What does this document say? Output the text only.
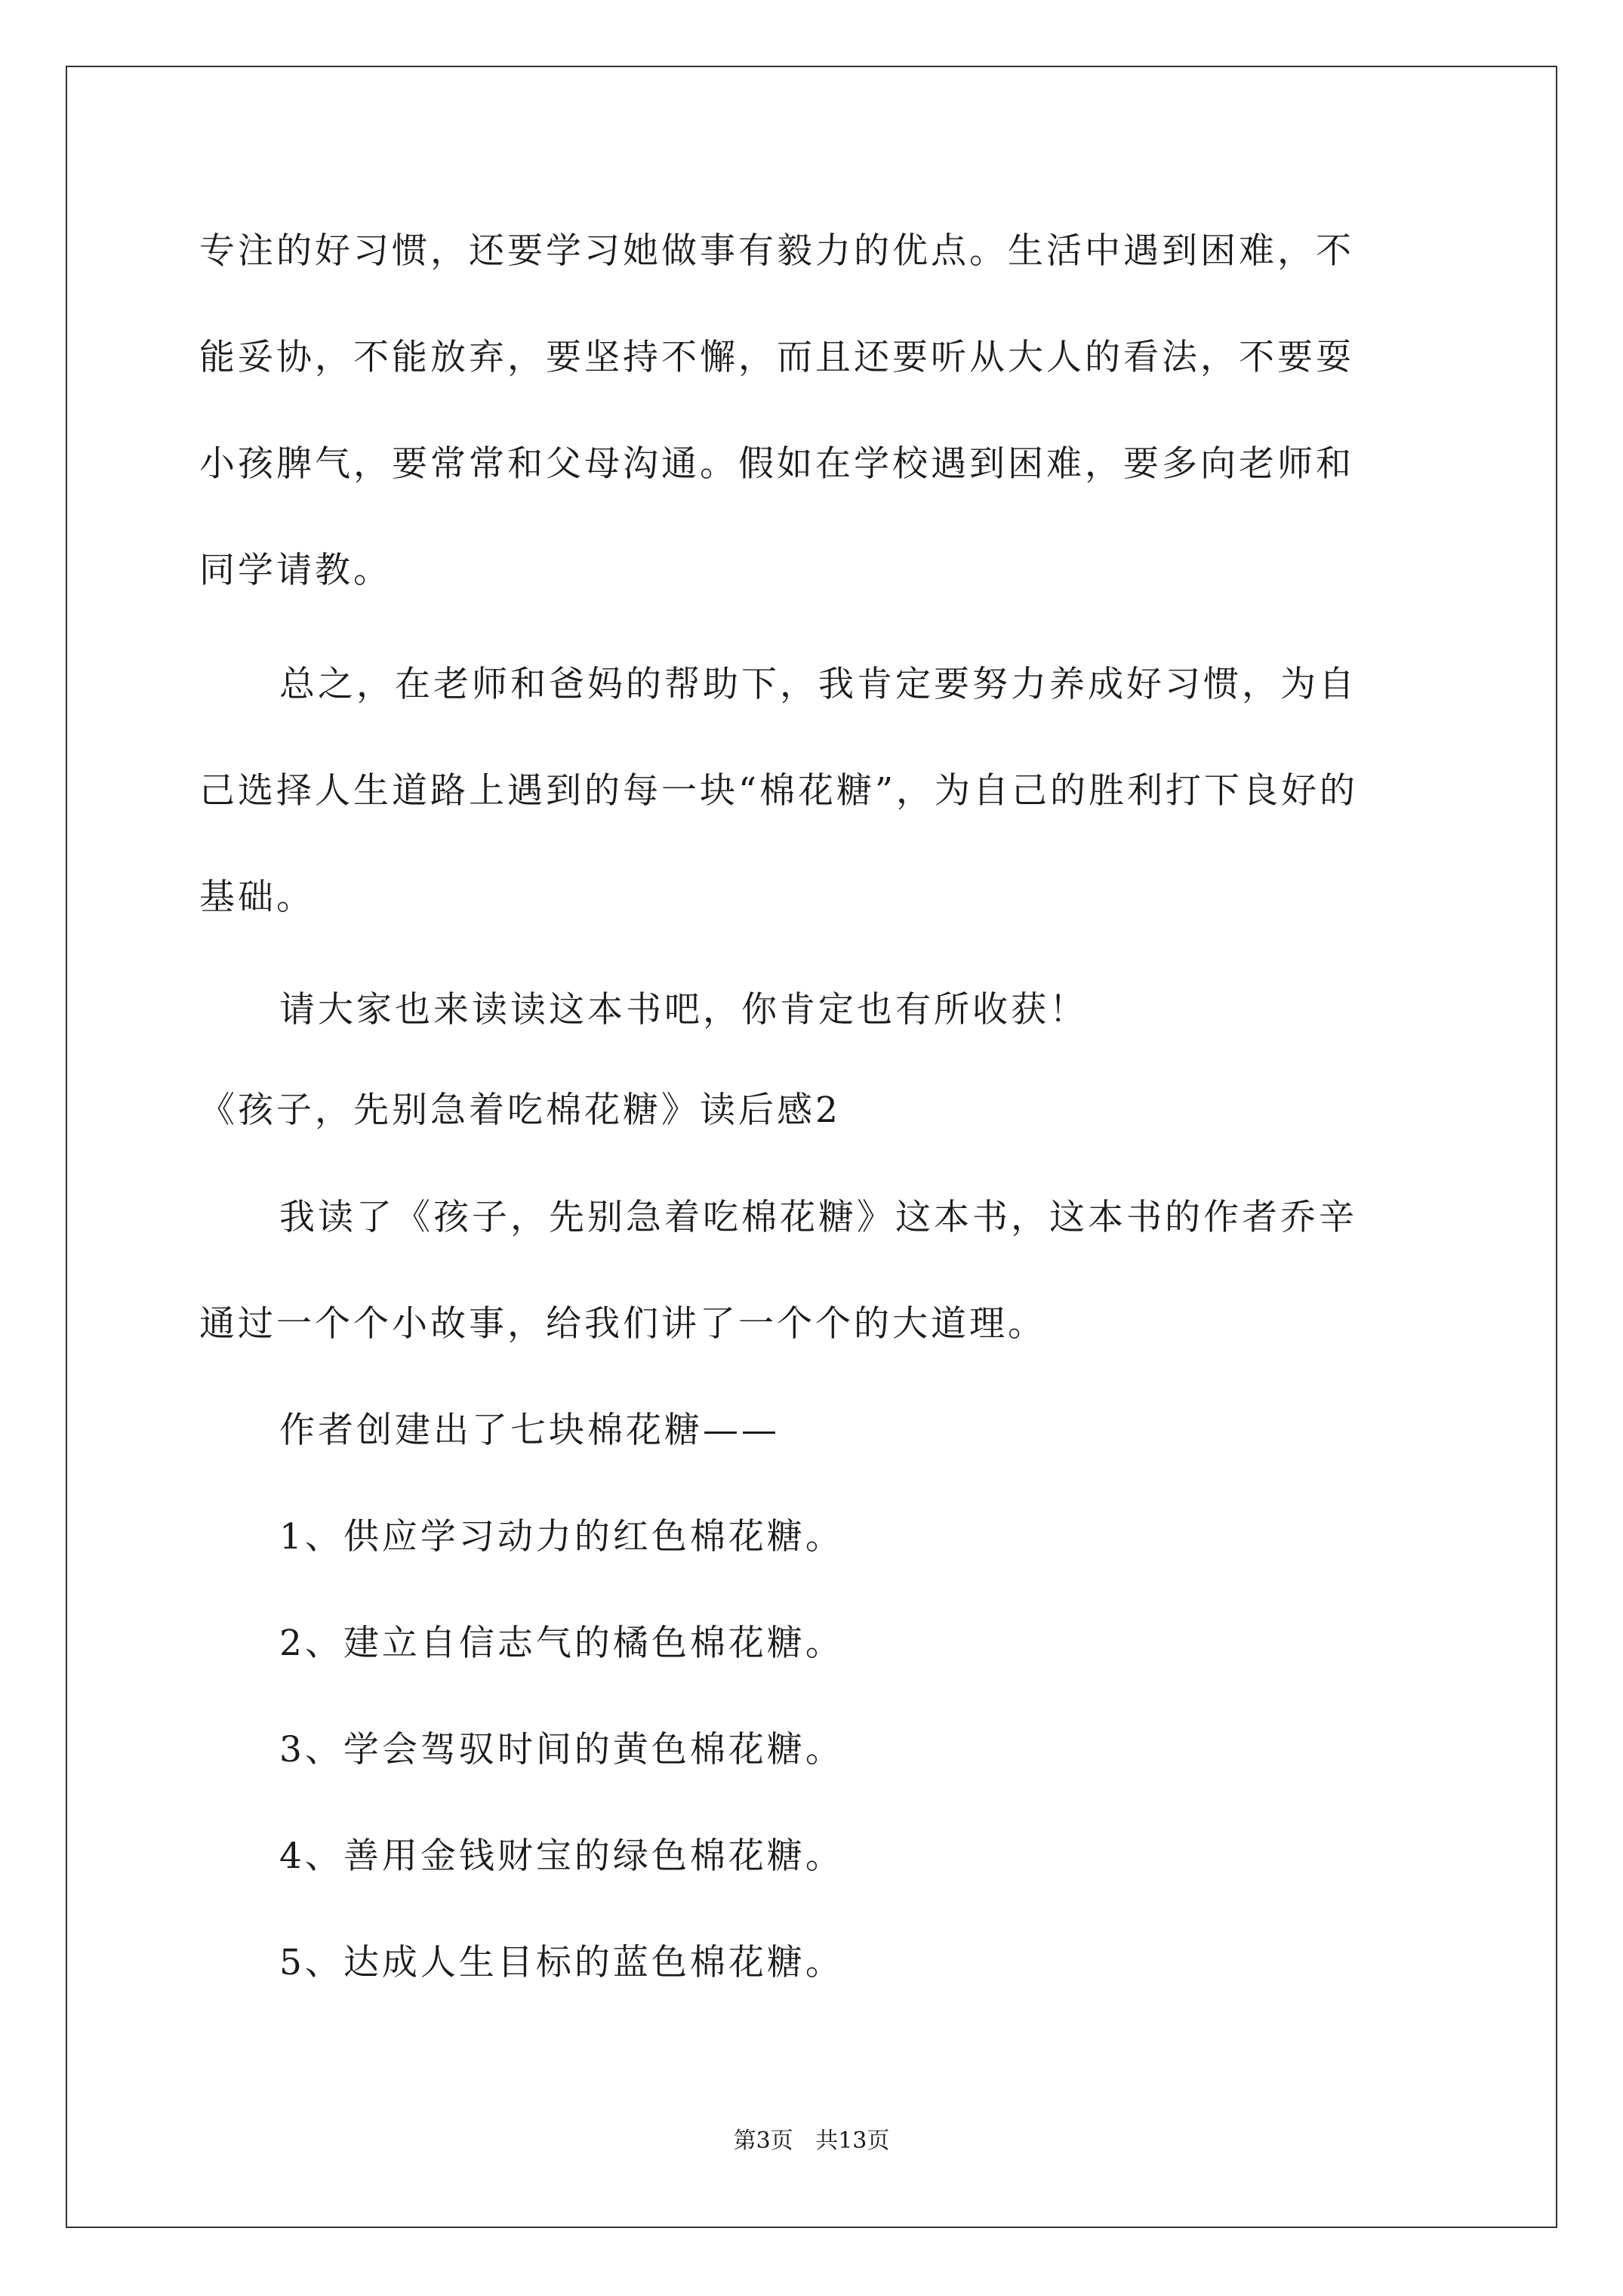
专注的好习惯，还要学习她做事有毅力的优点。生活中遇到困难，不
能妥协，不能放弃，要坚持不懈，而且还要听从大人的看法，不要耍
小孩脾气，要常常和父母沟通。假如在学校遇到困难，要多向老师和
同学请教。
总之，在老师和爸妈的帮助下，我肯定要努力养成好习惯，为自
己选择人生道路上遇到的每一块“棉花糖”，为自己的胜利打下良好的
基础。
请大家也来读读这本书吧，你肯定也有所收获！
《孩子，先别急着吃棉花糖》读后感2
我读了《孩子，先别急着吃棉花糖》这本书，这本书的作者乔辛
通过一个个小故事，给我们讲了一个个的大道理。
作者创建出了七块棉花糖——
1、供应学习动力的红色棉花糖。
2、建立自信志气的橘色棉花糖。
3、学会驾驭时间的黄色棉花糖。
4、善用金钱财宝的绿色棉花糖。
5、达成人生目标的蓝色棉花糖。
第3页 共13页
